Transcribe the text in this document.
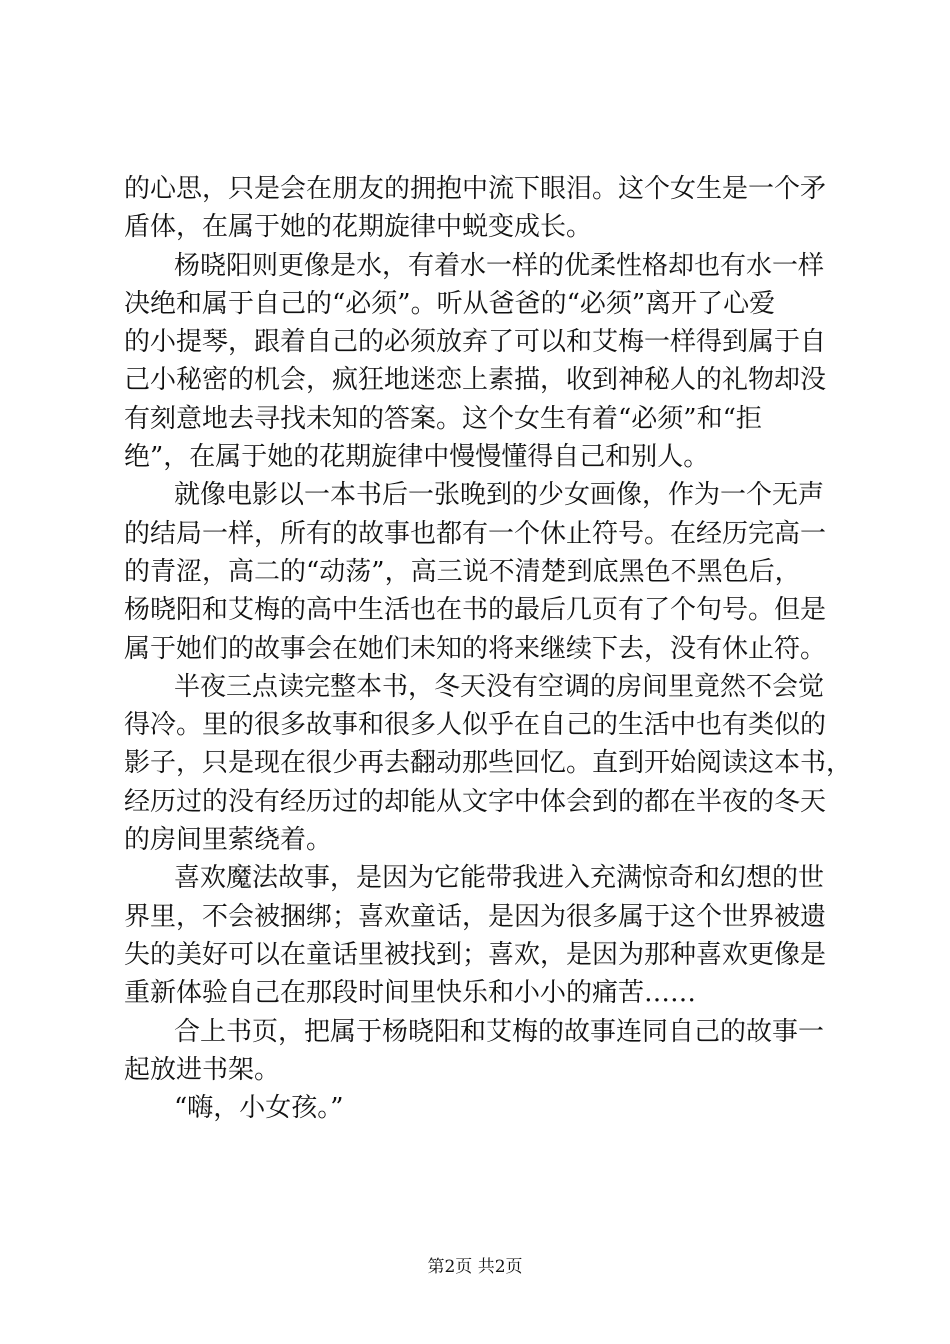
的心思，只是会在朋友的拥抱中流下眼泪。这个女生是一个矛
盾体，在属于她的花期旋律中蜕变成长。
杨晓阳则更像是水，有着水一样的优柔性格却也有水一样
决绝和属于自己的“必须”。听从爸爸的“必须”离开了心爱
的小提琴，跟着自己的必须放弃了可以和艾梅一样得到属于自
己小秘密的机会，疯狂地迷恋上素描，收到神秘人的礼物却没
有刻意地去寻找未知的答案。这个女生有着“必须”和“拒
绝”，在属于她的花期旋律中慢慢懂得自己和别人。
就像电影以一本书后一张晚到的少女画像，作为一个无声
的结局一样，所有的故事也都有一个休止符号。在经历完高一
的青涩，高二的“动荡”，高三说不清楚到底黑色不黑色后，
杨晓阳和艾梅的高中生活也在书的最后几页有了个句号。但是
属于她们的故事会在她们未知的将来继续下去，没有休止符。
半夜三点读完整本书，冬天没有空调的房间里竟然不会觉
得冷。里的很多故事和很多人似乎在自己的生活中也有类似的
影子，只是现在很少再去翻动那些回忆。直到开始阅读这本书，
经历过的没有经历过的却能从文字中体会到的都在半夜的冬天
的房间里萦绕着。
喜欢魔法故事，是因为它能带我进入充满惊奇和幻想的世
界里，不会被捆绑；喜欢童话，是因为很多属于这个世界被遗
失的美好可以在童话里被找到；喜欢，是因为那种喜欢更像是
重新体验自己在那段时间里快乐和小小的痛苦……
合上书页，把属于杨晓阳和艾梅的故事连同自己的故事一
起放进书架。
“嗨，小女孩。”
第2页 共2页
